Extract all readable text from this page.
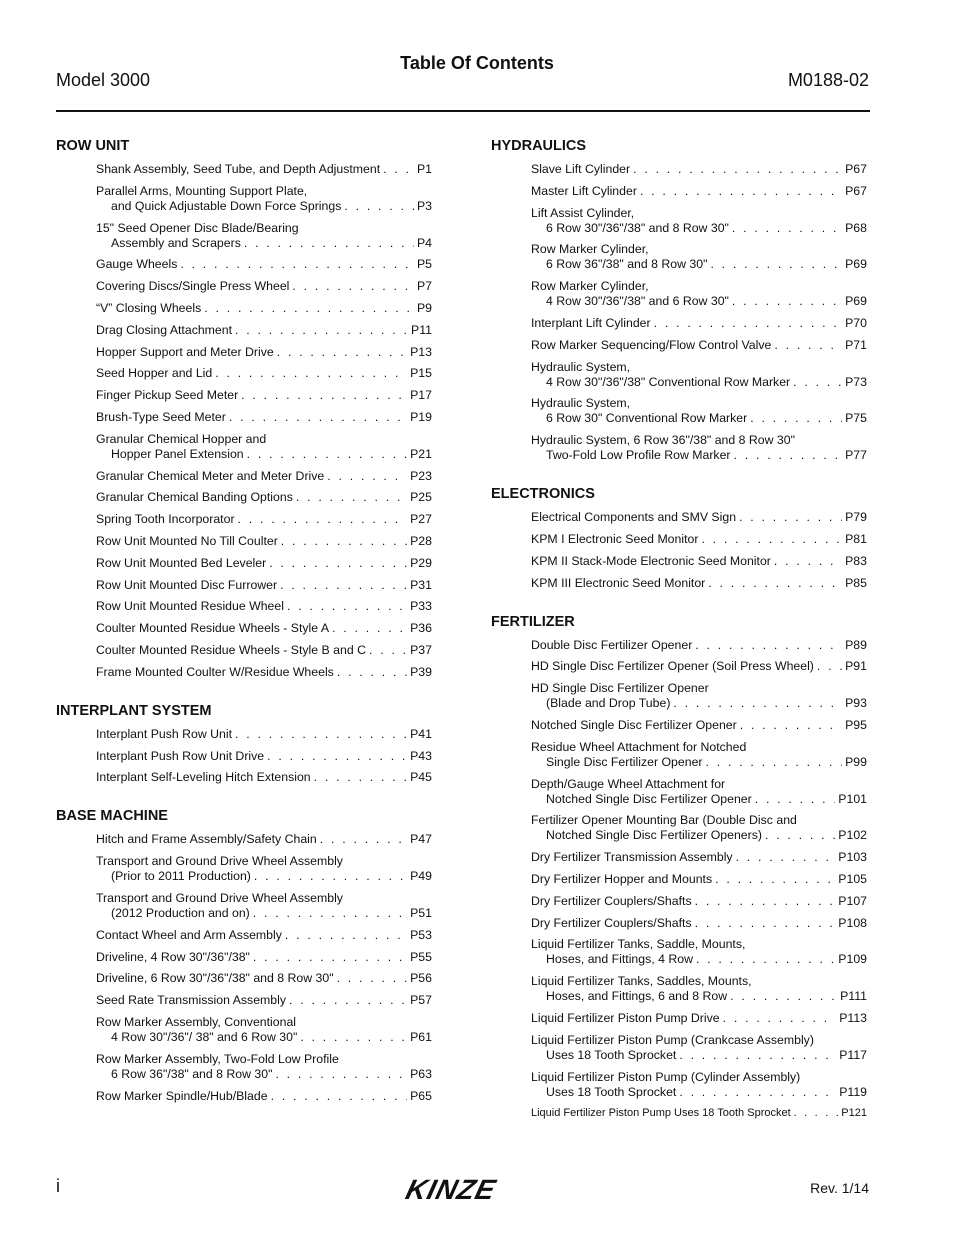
Table Of Contents
Model 3000	M0188-02
ROW UNIT
Shank Assembly, Seed Tube, and Depth Adjustment . . .	P1
Parallel Arms, Mounting Support Plate,
and Quick Adjustable Down Force Springs . . .	P3
15" Seed Opener Disc Blade/Bearing
Assembly and Scrapers . . .	P4
Gauge Wheels . . .	P5
Covering Discs/Single Press Wheel . . .	P7
“V” Closing Wheels . . .	P9
Drag Closing Attachment . . .	P11
Hopper Support and Meter Drive . . .	P13
Seed Hopper and Lid . . .	P15
Finger Pickup Seed Meter . . .	P17
Brush-Type Seed Meter . . .	P19
Granular Chemical Hopper and
Hopper Panel Extension . . .	P21
Granular Chemical Meter and Meter Drive . . .	P23
Granular Chemical Banding Options . . .	P25
Spring Tooth Incorporator . . .	P27
Row Unit Mounted No Till Coulter . . .	P28
Row Unit Mounted Bed Leveler . . .	P29
Row Unit Mounted Disc Furrower . . .	P31
Row Unit Mounted Residue Wheel . . .	P33
Coulter Mounted Residue Wheels - Style A . . .	P36
Coulter Mounted Residue Wheels - Style B and C . . .	P37
Frame Mounted Coulter W/Residue Wheels . . .	P39
INTERPLANT SYSTEM
Interplant Push Row Unit . . .	P41
Interplant Push Row Unit Drive . . .	P43
Interplant Self-Leveling Hitch Extension . . .	P45
BASE MACHINE
Hitch and Frame Assembly/Safety Chain . . .	P47
Transport and Ground Drive Wheel Assembly
(Prior to 2011 Production) . . .	P49
Transport and Ground Drive Wheel Assembly
(2012 Production and on) . . .	P51
Contact Wheel and Arm Assembly . . .	P53
Driveline, 4 Row 30"/36"/38" . . .	P55
Driveline, 6 Row 30"/36"/38" and 8 Row 30" . . .	P56
Seed Rate Transmission Assembly . . .	P57
Row Marker Assembly, Conventional
4 Row 30"/36"/ 38" and 6 Row 30" . . .	P61
Row Marker Assembly, Two-Fold Low Profile
6 Row 36"/38" and 8 Row 30" . . .	P63
Row Marker Spindle/Hub/Blade . . .	P65
HYDRAULICS
Slave Lift Cylinder . . .	P67
Master Lift Cylinder . . .	P67
Lift Assist Cylinder,
6 Row 30"/36"/38" and 8 Row 30" . . .	P68
Row Marker Cylinder,
6 Row 36"/38" and 8 Row 30" . . .	P69
Row Marker Cylinder,
4 Row 30"/36"/38" and 6 Row 30" . . .	P69
Interplant Lift Cylinder . . .	P70
Row Marker Sequencing/Flow Control Valve . . .	P71
Hydraulic System,
4 Row 30"/36"/38" Conventional Row Marker . . .	P73
Hydraulic System,
6 Row 30" Conventional Row Marker . . .	P75
Hydraulic System, 6 Row 36"/38" and 8 Row 30"
Two-Fold Low Profile Row Marker . . .	P77
ELECTRONICS
Electrical Components and SMV Sign . . .	P79
KPM I Electronic Seed Monitor . . .	P81
KPM II Stack-Mode Electronic Seed Monitor . . .	P83
KPM III Electronic Seed Monitor . . .	P85
FERTILIZER
Double Disc Fertilizer Opener . . .	P89
HD Single Disc Fertilizer Opener (Soil Press Wheel) . . .	P91
HD Single Disc Fertilizer Opener
(Blade and Drop Tube) . . .	P93
Notched Single Disc Fertilizer Opener . . .	P95
Residue Wheel Attachment for Notched
Single Disc Fertilizer Opener . . .	P99
Depth/Gauge Wheel Attachment for
Notched Single Disc Fertilizer Opener . . .	P101
Fertilizer Opener Mounting Bar (Double Disc and
Notched Single Disc Fertilizer Openers) . . .	P102
Dry Fertilizer Transmission Assembly . . .	P103
Dry Fertilizer Hopper and Mounts . . .	P105
Dry Fertilizer Couplers/Shafts . . .	P107
Dry Fertilizer Couplers/Shafts . . .	P108
Liquid Fertilizer Tanks, Saddle, Mounts,
Hoses, and Fittings, 4 Row . . .	P109
Liquid Fertilizer Tanks, Saddles, Mounts,
Hoses, and Fittings, 6 and 8 Row . . .	P111
Liquid Fertilizer Piston Pump Drive . . .	P113
Liquid Fertilizer Piston Pump (Crankcase Assembly)
Uses 18 Tooth Sprocket . . .	P117
Liquid Fertilizer Piston Pump (Cylinder Assembly)
Uses 18 Tooth Sprocket . . .	P119
Liquid Fertilizer Piston Pump Uses 18 Tooth Sprocket . . .	P121
i	KINZE	Rev. 1/14
